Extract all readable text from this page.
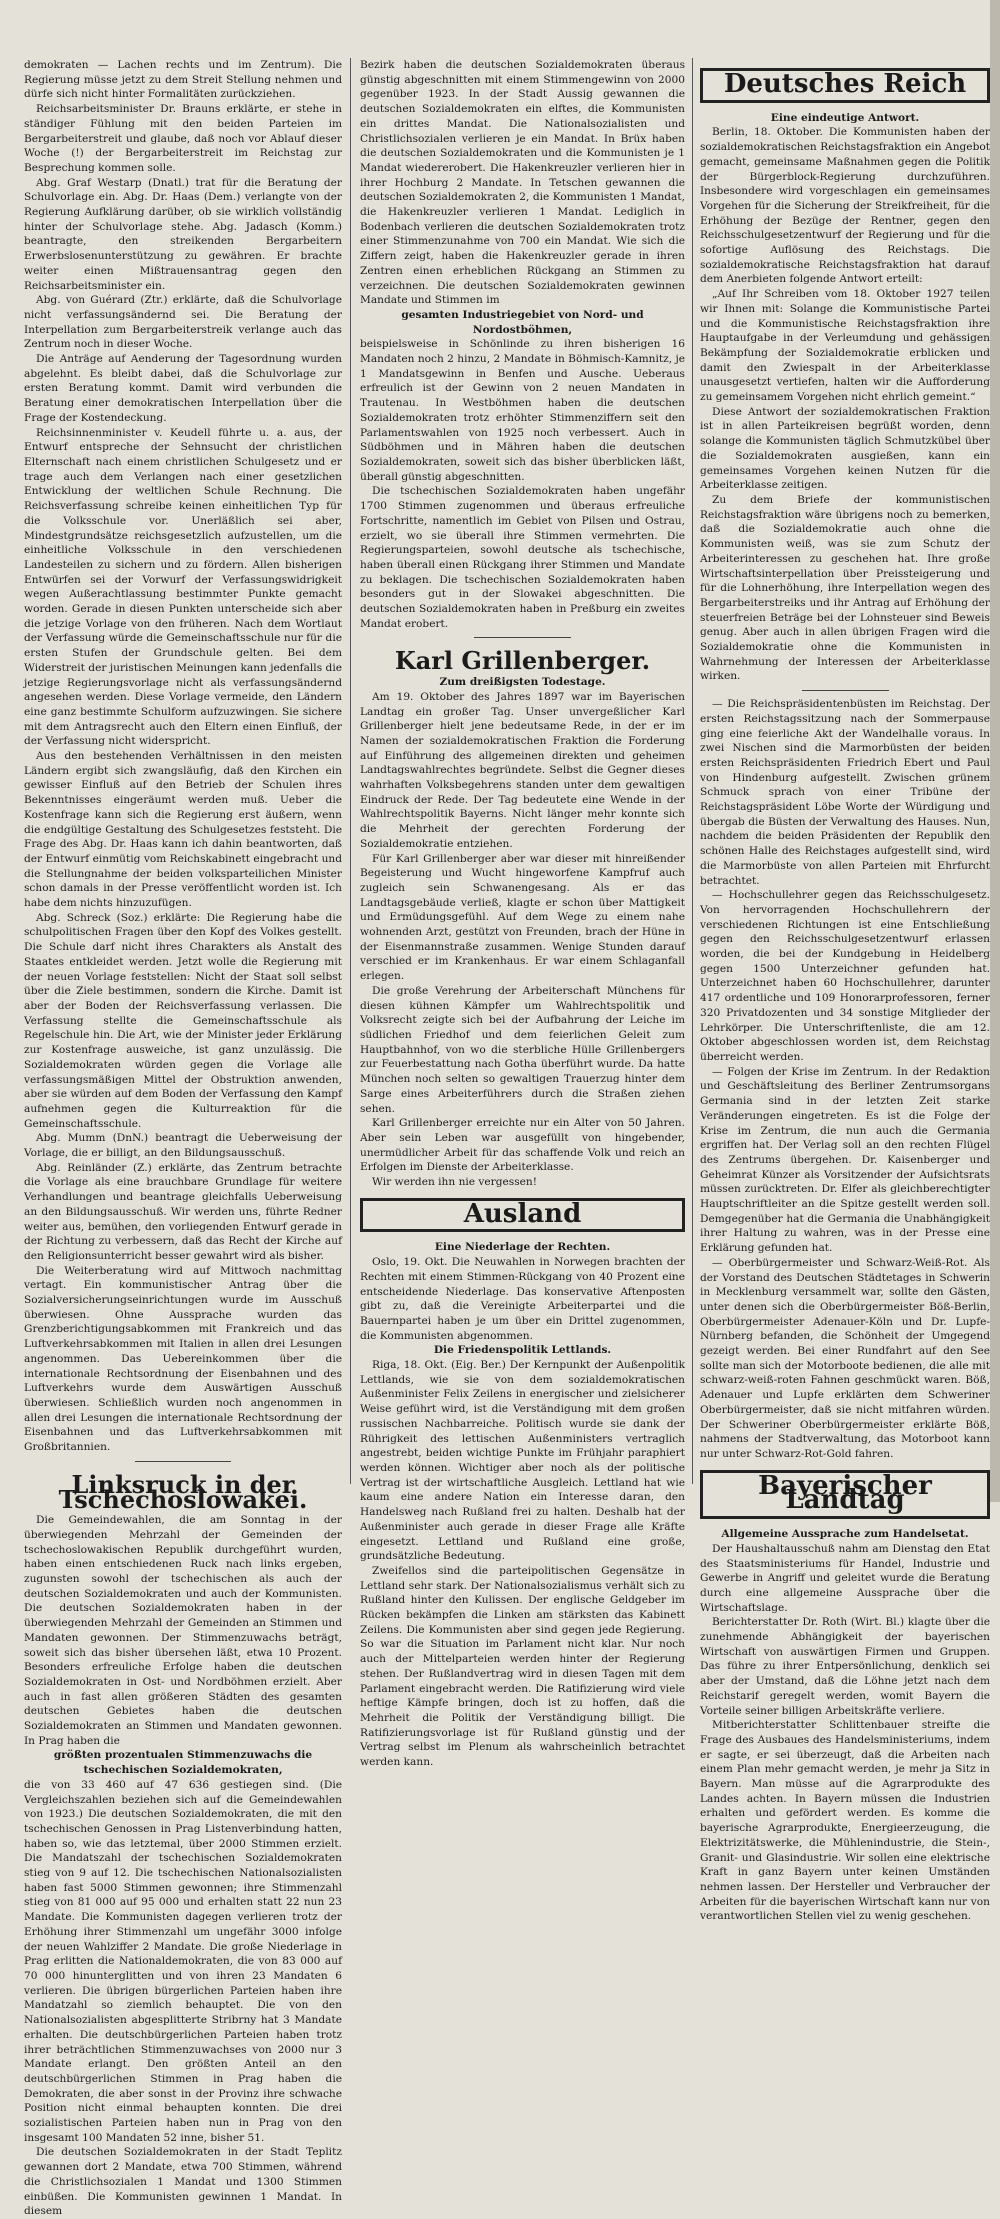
demokraten — Lachen rechts und im Zentrum). Die Regierung müsse jetzt zu dem Streit Stellung nehmen und dürfe sich nicht hinter Formalitäten zurückziehen.

Reichsarbeitsminister Dr. Brauns erklärte, er stehe in ständiger Fühlung mit den beiden Parteien im Bergarbeiterstreit und glaube, daß noch vor Ablauf dieser Woche (!) der Bergarbeiterstreit im Reichstag zur Besprechung kommen solle.

Abg. Graf Westarp (Dnatl.) trat für die Beratung der Schulvorlage ein. Abg. Dr. Haas (Dem.) verlangte von der Regierung Aufklärung darüber, ob sie wirklich vollständig hinter der Schulvorlage stehe. Abg. Jadasch (Komm.) beantragte, den streikenden Bergarbeitern Erwerbslosenunterstützung zu gewähren. Er brachte weiter einen Mißtrauensantrag gegen den Reichsarbeitsminister ein.

Abg. von Guérard (Ztr.) erklärte, daß die Schulvorlage nicht verfassungsändernd sei. Die Beratung der Interpellation zum Bergarbeiterstreik verlange auch das Zentrum noch in dieser Woche.

Die Anträge auf Aenderung der Tagesordnung wurden abgelehnt. Es bleibt dabei, daß die Schulvorlage zur ersten Beratung kommt. Damit wird verbunden die Beratung einer demokratischen Interpellation über die Frage der Kostendeckung.

Reichsinnenminister v. Keudell führte u. a. aus, der Entwurf entspreche der Sehnsucht der christlichen Elternschaft nach einem christlichen Schulgesetz und er trage auch dem Verlangen nach einer gesetzlichen Entwicklung der weltlichen Schule Rechnung. Die Reichsverfassung schreibe keinen einheitlichen Typ für die Volksschule vor. Unerläßlich sei aber, Mindestgrundsätze reichsgesetzlich aufzustellen, um die einheitliche Volksschule in den verschiedenen Landesteilen zu sichern und zu fördern. Allen bisherigen Entwürfen sei der Vorwurf der Verfassungswidrigkeit wegen Außerachtlassung bestimmter Punkte gemacht worden. Gerade in diesen Punkten unterscheide sich aber die jetzige Vorlage von den früheren. Nach dem Wortlaut der Verfassung würde die Gemeinschaftsschule nur für die ersten Stufen der Grundschule gelten. Bei dem Widerstreit der juristischen Meinungen kann jedenfalls die jetzige Regierungsvorlage nicht als verfassungsändernd angesehen werden. Diese Vorlage vermeide, den Ländern eine ganz bestimmte Schulform aufzuzwingen. Sie sichere mit dem Antragsrecht auch den Eltern einen Einfluß, der der Verfassung nicht widerspricht.

Aus den bestehenden Verhältnissen in den meisten Ländern ergibt sich zwangsläufig, daß den Kirchen ein gewisser Einfluß auf den Betrieb der Schulen ihres Bekenntnisses eingeräumt werden muß. Ueber die Kostenfrage kann sich die Regierung erst äußern, wenn die endgültige Gestaltung des Schulgesetzes feststeht. Die Frage des Abg. Dr. Haas kann ich dahin beantworten, daß der Entwurf einmütig vom Reichskabinett eingebracht und die Stellungnahme der beiden volksparteilichen Minister schon damals in der Presse veröffentlicht worden ist. Ich habe dem nichts hinzuzufügen.

Abg. Schreck (Soz.) erklärte: Die Regierung habe die schulpolitischen Fragen über den Kopf des Volkes gestellt. Die Schule darf nicht ihres Charakters als Anstalt des Staates entkleidet werden. Jetzt wolle die Regierung mit der neuen Vorlage feststellen: Nicht der Staat soll selbst über die Ziele bestimmen, sondern die Kirche. Damit ist aber der Boden der Reichsverfassung verlassen. Die Verfassung stellte die Gemeinschaftsschule als Regelschule hin. Die Art, wie der Minister jeder Erklärung zur Kostenfrage ausweiche, ist ganz unzulässig. Die Sozialdemokraten würden gegen die Vorlage alle verfassungsmäßigen Mittel der Obstruktion anwenden, aber sie würden auf dem Boden der Verfassung den Kampf aufnehmen gegen die Kulturreaktion für die Gemeinschaftsschule.

Abg. Mumm (DnN.) beantragt die Ueberweisung der Vorlage, die er billigt, an den Bildungsausschuß.

Abg. Reinländer (Z.) erklärte, das Zentrum betrachte die Vorlage als eine brauchbare Grundlage für weitere Verhandlungen und beantrage gleichfalls Ueberweisung an den Bildungsausschuß. Wir werden uns, führte Redner weiter aus, bemühen, den vorliegenden Entwurf gerade in der Richtung zu verbessern, daß das Recht der Kirche auf den Religionsunterricht besser gewahrt wird als bisher.

Die Weiterberatung wird auf Mittwoch nachmittag vertagt. Ein kommunistischer Antrag über die Sozialversicherungseinrichtungen wurde im Ausschuß überwiesen. Ohne Aussprache wurden das Grenzberichtigungsabkommen mit Frankreich und das Luftverkehrsabkommen mit Italien in allen drei Lesungen angenommen. Das Uebereinkommen über die internationale Rechtsordnung der Eisenbahnen und des Luftverkehrs wurde dem Auswärtigen Ausschuß überwiesen. Schließlich wurden noch angenommen in allen drei Lesungen die internationale Rechtsordnung der Eisenbahnen und das Luftverkehrsabkommen mit Großbritannien.

Linksruck in der Tschechoslowakei.

Die Gemeindewahlen, die am Sonntag in der überwiegenden Mehrzahl der Gemeinden der tschechoslowakischen Republik durchgeführt wurden, haben einen entschiedenen Ruck nach links ergeben, zugunsten sowohl der tschechischen als auch der deutschen Sozialdemokraten und auch der Kommunisten. Die deutschen Sozialdemokraten haben in der überwiegenden Mehrzahl der Gemeinden an Stimmen und Mandaten gewonnen. Der Stimmenzuwachs beträgt, soweit sich das bisher übersehen läßt, etwa 10 Prozent. Besonders erfreuliche Erfolge haben die deutschen Sozialdemokraten in Ost- und Nordböhmen erzielt. Aber auch in fast allen größeren Städten des gesamten deutschen Gebietes haben die deutschen Sozialdemokraten an Stimmen und Mandaten gewonnen. In Prag haben die

größten prozentualen Stimmenzuwachs die tschechischen Sozialdemokraten,

die von 33 460 auf 47 636 gestiegen sind. (Die Vergleichszahlen beziehen sich auf die Gemeindewahlen von 1923.) Die deutschen Sozialdemokraten, die mit den tschechischen Genossen in Prag Listenverbindung hatten, haben so, wie das letztemal, über 2000 Stimmen erzielt. Die Mandatszahl der tschechischen Sozialdemokraten stieg von 9 auf 12. Die tschechischen Nationalsozialisten haben fast 5000 Stimmen gewonnen; ihre Stimmenzahl stieg von 81 000 auf 95 000 und erhalten statt 22 nun 23 Mandate. Die Kommunisten dagegen verlieren trotz der Erhöhung ihrer Stimmenzahl um ungefähr 3000 infolge der neuen Wahlziffer 2 Mandate. Die große Niederlage in Prag erlitten die Nationaldemokraten, die von 83 000 auf 70 000 hinunterglitten und von ihren 23 Mandaten 6 verlieren. Die übrigen bürgerlichen Parteien haben ihre Mandatzahl so ziemlich behauptet. Die von den Nationalsozialisten abgesplitterte Stribrny hat 3 Mandate erhalten. Die deutschbürgerlichen Parteien haben trotz ihrer beträchtlichen Stimmenzuwachses von 2000 nur 3 Mandate erlangt. Den größten Anteil an den deutschbürgerlichen Stimmen in Prag haben die Demokraten, die aber sonst in der Provinz ihre schwache Position nicht einmal behaupten konnten. Die drei sozialistischen Parteien haben nun in Prag von den insgesamt 100 Mandaten 52 inne, bisher 51.

Die deutschen Sozialdemokraten in der Stadt Teplitz gewannen dort 2 Mandate, etwa 700 Stimmen, während die Christlichsozialen 1 Mandat und 1300 Stimmen einbüßen. Die Kommunisten gewinnen 1 Mandat. In diesem

Bezirk haben die deutschen Sozialdemokraten überaus günstig abgeschnitten mit einem Stimmengewinn von 2000 gegenüber 1923. In der Stadt Aussig gewannen die deutschen Sozialdemokraten ein elftes, die Kommunisten ein drittes Mandat. Die Nationalsozialisten und Christlichsozialen verlieren je ein Mandat. In Brüx haben die deutschen Sozialdemokraten und die Kommunisten je 1 Mandat wiedererobert. Die Hakenkreuzler verlieren hier in ihrer Hochburg 2 Mandate. In Tetschen gewannen die deutschen Sozialdemokraten 2, die Kommunisten 1 Mandat, die Hakenkreuzler verlieren 1 Mandat. Lediglich in Bodenbach verlieren die deutschen Sozialdemokraten trotz einer Stimmenzunahme von 700 ein Mandat. Wie sich die Ziffern zeigt, haben die Hakenkreuzler gerade in ihren Zentren einen erheblichen Rückgang an Stimmen zu verzeichnen. Die deutschen Sozialdemokraten gewinnen Mandate und Stimmen im

gesamten Industriegebiet von Nord- und Nordostböhmen,

beispielsweise in Schönlinde zu ihren bisherigen 16 Mandaten noch 2 hinzu, 2 Mandate in Böhmisch-Kamnitz, je 1 Mandatsgewinn in Benfen und Ausche. Ueberaus erfreulich ist der Gewinn von 2 neuen Mandaten in Trautenau. In Westböhmen haben die deutschen Sozialdemokraten trotz erhöhter Stimmenziffern seit den Parlamentswahlen von 1925 noch verbessert. Auch in Südböhmen und in Mähren haben die deutschen Sozialdemokraten, soweit sich das bisher überblicken läßt, überall günstig abgeschnitten.

Die tschechischen Sozialdemokraten haben ungefähr 1700 Stimmen zugenommen und überaus erfreuliche Fortschritte, namentlich im Gebiet von Pilsen und Ostrau, erzielt, wo sie überall ihre Stimmen vermehrten. Die Regierungsparteien, sowohl deutsche als tschechische, haben überall einen Rückgang ihrer Stimmen und Mandate zu beklagen. Die tschechischen Sozialdemokraten haben besonders gut in der Slowakei abgeschnitten. Die deutschen Sozialdemokraten haben in Preßburg ein zweites Mandat erobert.

Karl Grillenberger.

Zum dreißigsten Todestage.

Am 19. Oktober des Jahres 1897 war im Bayerischen Landtag ein großer Tag. Unser unvergeßlicher Karl Grillenberger hielt jene bedeutsame Rede, in der er im Namen der sozialdemokratischen Fraktion die Forderung auf Einführung des allgemeinen direkten und geheimen Landtagswahlrechtes begründete. Selbst die Gegner dieses wahrhaften Volksbegehrens standen unter dem gewaltigen Eindruck der Rede. Der Tag bedeutete eine Wende in der Wahlrechtspolitik Bayerns. Nicht länger mehr konnte sich die Mehrheit der gerechten Forderung der Sozialdemokratie entziehen.

Für Karl Grillenberger aber war dieser mit hinreißender Begeisterung und Wucht hingeworfene Kampfruf auch zugleich sein Schwanengesang. Als er das Landtagsgebäude verließ, klagte er schon über Mattigkeit und Ermüdungsgefühl. Auf dem Wege zu einem nahe wohnenden Arzt, gestützt von Freunden, brach der Hüne in der Eisenmannstraße zusammen. Wenige Stunden darauf verschied er im Krankenhaus. Er war einem Schlaganfall erlegen.

Die große Verehrung der Arbeiterschaft Münchens für diesen kühnen Kämpfer um Wahlrechtspolitik und Volksrecht zeigte sich bei der Aufbahrung der Leiche im südlichen Friedhof und dem feierlichen Geleit zum Hauptbahnhof, von wo die sterbliche Hülle Grillenbergers zur Feuerbestattung nach Gotha überführt wurde. Da hatte München noch selten so gewaltigen Trauerzug hinter dem Sarge eines Arbeiterführers durch die Straßen ziehen sehen.

Karl Grillenberger erreichte nur ein Alter von 50 Jahren. Aber sein Leben war ausgefüllt von hingebender, unermüdlicher Arbeit für das schaffende Volk und reich an Erfolgen im Dienste der Arbeiterklasse.

Wir werden ihn nie vergessen!

Ausland

Eine Niederlage der Rechten.

Oslo, 19. Okt. Die Neuwahlen in Norwegen brachten der Rechten mit einem Stimmen-Rückgang von 40 Prozent eine entscheidende Niederlage. Das konservative Aftenposten gibt zu, daß die Vereinigte Arbeiterpartei und die Bauernpartei haben je um über ein Drittel zugenommen, die Kommunisten abgenommen.

Die Friedenspolitik Lettlands.

Riga, 18. Okt. (Eig. Ber.) Der Kernpunkt der Außenpolitik Lettlands, wie sie von dem sozialdemokratischen Außenminister Felix Zeilens in energischer und zielsicherer Weise geführt wird, ist die Verständigung mit dem großen russischen Nachbarreiche. Politisch wurde sie dank der Rührigkeit des lettischen Außenministers vertraglich angestrebt, beiden wichtige Punkte im Frühjahr paraphiert werden können. Wichtiger aber noch als der politische Vertrag ist der wirtschaftliche Ausgleich. Lettland hat wie kaum eine andere Nation ein Interesse daran, den Handelsweg nach Rußland frei zu halten. Deshalb hat der Außenminister auch gerade in dieser Frage alle Kräfte eingesetzt. Lettland und Rußland eine große, grundsätzliche Bedeutung.

Zweifellos sind die parteipolitischen Gegensätze in Lettland sehr stark. Der Nationalsozialismus verhält sich zu Rußland hinter den Kulissen. Der englische Geldgeber im Rücken bekämpfen die Linken am stärksten das Kabinett Zeilens. Die Kommunisten aber sind gegen jede Regierung. So war die Situation im Parlament nicht klar. Nur noch auch der Mittelparteien werden hinter der Regierung stehen. Der Rußlandvertrag wird in diesen Tagen mit dem Parlament eingebracht werden. Die Ratifizierung wird viele heftige Kämpfe bringen, doch ist zu hoffen, daß die Mehrheit die Politik der Verständigung billigt. Die Ratifizierungsvorlage ist für Rußland günstig und der Vertrag selbst im Plenum als wahrscheinlich betrachtet werden kann.

Deutsches Reich

Eine eindeutige Antwort.

Berlin, 18. Oktober. Die Kommunisten haben der sozialdemokratischen Reichstagsfraktion ein Angebot gemacht, gemeinsame Maßnahmen gegen die Politik der Bürgerblock-Regierung durchzuführen. Insbesondere wird vorgeschlagen ein gemeinsames Vorgehen für die Sicherung der Streikfreiheit, für die Erhöhung der Bezüge der Rentner, gegen den Reichsschulgesetzentwurf der Regierung und für die sofortige Auflösung des Reichstags. Die sozialdemokratische Reichstagsfraktion hat darauf dem Anerbieten folgende Antwort erteilt:

„Auf Ihr Schreiben vom 18. Oktober 1927 teilen wir Ihnen mit: Solange die Kommunistische Partei und die Kommunistische Reichstagsfraktion ihre Hauptaufgabe in der Verleumdung und gehässigen Bekämpfung der Sozialdemokratie erblicken und damit den Zwiespalt in der Arbeiterklasse unausgesetzt vertiefen, halten wir die Aufforderung zu gemeinsamem Vorgehen nicht ehrlich gemeint.“

Diese Antwort der sozialdemokratischen Fraktion ist in allen Parteikreisen begrüßt worden, denn solange die Kommunisten täglich Schmutzkübel über die Sozialdemokraten ausgießen, kann ein gemeinsames Vorgehen keinen Nutzen für die Arbeiterklasse zeitigen.

Zu dem Briefe der kommunistischen Reichstagsfraktion wäre übrigens noch zu bemerken, daß die Sozialdemokratie auch ohne die Kommunisten weiß, was sie zum Schutz der Arbeiterinteressen zu geschehen hat. Ihre große Wirtschaftsinterpellation über Preissteigerung und für die Lohnerhöhung, ihre Interpellation wegen des Bergarbeiterstreiks und ihr Antrag auf Erhöhung der steuerfreien Beträge bei der Lohnsteuer sind Beweis genug. Aber auch in allen übrigen Fragen wird die Sozialdemokratie ohne die Kommunisten in Wahrnehmung der Interessen der Arbeiterklasse wirken.

— Die Reichspräsidentenbüsten im Reichstag. Der ersten Reichstagssitzung nach der Sommerpause ging eine feierliche Akt der Wandelhalle voraus. In zwei Nischen sind die Marmorbüsten der beiden ersten Reichspräsidenten Friedrich Ebert und Paul von Hindenburg aufgestellt. Zwischen grünem Schmuck sprach von einer Tribüne der Reichstagspräsident Löbe Worte der Würdigung und übergab die Büsten der Verwaltung des Hauses. Nun, nachdem die beiden Präsidenten der Republik den schönen Halle des Reichstages aufgestellt sind, wird die Marmorbüste von allen Parteien mit Ehrfurcht betrachtet.

— Hochschullehrer gegen das Reichsschulgesetz. Von hervorragenden Hochschullehrern der verschiedenen Richtungen ist eine Entschließung gegen den Reichsschulgesetzentwurf erlassen worden, die bei der Kundgebung in Heidelberg gegen 1500 Unterzeichner gefunden hat. Unterzeichnet haben 60 Hochschullehrer, darunter 417 ordentliche und 109 Honorarprofessoren, ferner 320 Privatdozenten und 34 sonstige Mitglieder der Lehrkörper. Die Unterschriftenliste, die am 12. Oktober abgeschlossen worden ist, dem Reichstag überreicht werden.

— Folgen der Krise im Zentrum. In der Redaktion und Geschäftsleitung des Berliner Zentrumsorgans Germania sind in der letzten Zeit starke Veränderungen eingetreten. Es ist die Folge der Krise im Zentrum, die nun auch die Germania ergriffen hat. Der Verlag soll an den rechten Flügel des Zentrums übergehen. Dr. Kaisenberger und Geheimrat Künzer als Vorsitzender der Aufsichtsrats müssen zurücktreten. Dr. Elfer als gleichberechtigter Hauptschriftleiter an die Spitze gestellt werden soll. Demgegenüber hat die Germania die Unabhängigkeit ihrer Haltung zu wahren, was in der Presse eine Erklärung gefunden hat.

— Oberbürgermeister und Schwarz-Weiß-Rot. Als der Vorstand des Deutschen Städtetages in Schwerin in Mecklenburg versammelt war, sollte den Gästen, unter denen sich die Oberbürgermeister Böß-Berlin, Oberbürgermeister Adenauer-Köln und Dr. Lupfe-Nürnberg befanden, die Schönheit der Umgegend gezeigt werden. Bei einer Rundfahrt auf den See sollte man sich der Motorboote bedienen, die alle mit schwarz-weiß-roten Fahnen geschmückt waren. Böß, Adenauer und Lupfe erklärten dem Schweriner Oberbürgermeister, daß sie nicht mitfahren würden. Der Schweriner Oberbürgermeister erklärte Böß, nahmens der Stadtverwaltung, das Motorboot kann nur unter Schwarz-Rot-Gold fahren.

Bayerischer Landtag

Allgemeine Aussprache zum Handelsetat.

Der Haushaltausschuß nahm am Dienstag den Etat des Staatsministeriums für Handel, Industrie und Gewerbe in Angriff und geleitet wurde die Beratung durch eine allgemeine Aussprache über die Wirtschaftslage.

Berichterstatter Dr. Roth (Wirt. Bl.) klagte über die zunehmende Abhängigkeit der bayerischen Wirtschaft von auswärtigen Firmen und Gruppen. Das führe zu ihrer Entpersönlichung, denklich sei aber der Umstand, daß die Löhne jetzt nach dem Reichstarif geregelt werden, womit Bayern die Vorteile seiner billigen Arbeitskräfte verliere.

Mitberichterstatter Schlittenbauer streifte die Frage des Ausbaues des Handelsministeriums, indem er sagte, er sei überzeugt, daß die Arbeiten nach einem Plan mehr gemacht werden, je mehr ja Sitz in Bayern. Man müsse auf die Agrarprodukte des Landes achten. In Bayern müssen die Industrien erhalten und gefördert werden. Es komme die bayerische Agrarprodukte, Energieerzeugung, die Elektrizitätswerke, die Mühlenindustrie, die Stein-, Granit- und Glasindustrie. Wir sollen eine elektrische Kraft in ganz Bayern unter keinen Umständen nehmen lassen. Der Hersteller und Verbraucher der Arbeiten für die bayerischen Wirtschaft kann nur von verantwortlichen Stellen viel zu wenig geschehen.
